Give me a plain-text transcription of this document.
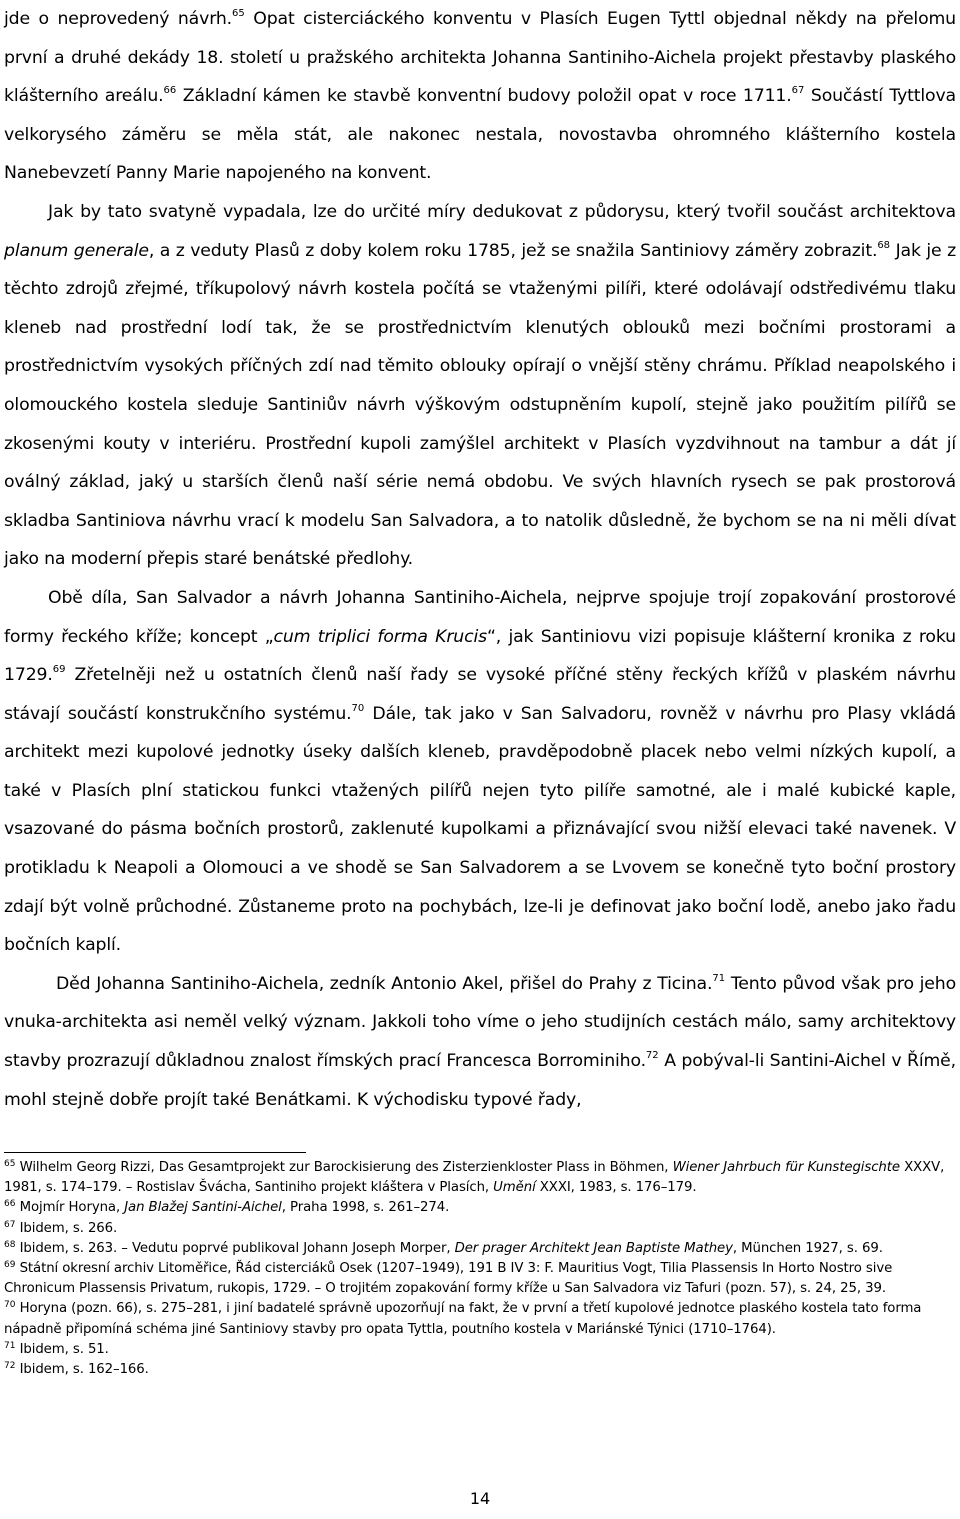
jde o neprovedený návrh.$^{65}$ Opat cisterciáckého konventu v Plasích Eugen Tyttl objednal někdy na přelomu první a druhé dekády 18. století u pražského architekta Johanna Santiniho-Aichela projekt přestavby plaského klášterního areálu.$^{66}$ Základní kámen ke stavbě konventní budovy položil opat v roce 1711.67 Součástí Tyttlova velkorysého záměru se měla stát, ale nakonec nestala, novostavba ohromného klášterního kostela Nanebevzetí Panny Marie napojeného na konvent.

Jak by tato svatyně vypadala, lze do určité míry dedukovat z půdorysu, který tvořil součást architektova planum generale, a z veduty Plasů z doby kolem roku 1785, jež se snažila Santiniovy záměry zobrazit.$^{68}$ Jak je z těchto zdrojů zřejmé, tříkupolový návrh kostela počítá se vtaženými pilíři, které odolávají odstředivému tlaku kleneb nad prostřední lodí tak, že se prostřednictvím klenutých oblouků mezi bočními prostorami a prostřednictvím vysokých příčných zdí nad těmito oblouky opírají o vnější stěny chrámu. Příklad neapolského i olomouckého kostela sleduje Santiniův návrh výškovým odstupněním kupolí, stejně jako použitím pilířů se zkosenými kouty v interiéru. Prostřední kupoli zamýšlel architekt v Plasích vyzdvihnout na tambur a dát jí oválný základ, jaký u starších členů naší série nemá obdobu. Ve svých hlavních rysech se pak prostorová skladba Santiniova návrhu vrací k modelu San Salvadora, a to natolik důsledně, že bychom se na ni měli dívat jako na moderní přepis staré benátské předlohy.

Obě díla, San Salvador a návrh Johanna Santiniho-Aichela, nejprve spojuje trojí zopakování prostorové formy řeckého kříže; koncept „cum triplici forma Krucis“, jak Santiniovu vizi popisuje klášterní kronika z roku 1729.69 Zřetelněji než u ostatních členů naší řady se vysoké příčné stěny řeckých křížů v plaském návrhu stávají součástí konstrukčního systému.$^{70}$ Dále, tak jako v San Salvadoru, rovněž v návrhu pro Plasy vkládá architekt mezi kupolové jednotky úseky dalších kleneb, pravděpodobně placek nebo velmi nízkých kupolí, a také v Plasích plní statickou funkci vtažených pilířů nejen tyto pilíře samotné, ale i malé kubické kaple, vsazované do pásma bočních prostorů, zaklenuté kupolkami a přiznávající svou nižší elevaci také navenek. V protikladu k Neapoli a Olomouci a ve shodě se San Salvadorem a se Lvovem se konečně tyto boční prostory zdají být volně průchodné. Zůstaneme proto na pochybách, lze-li je definovat jako boční lodě, anebo jako řadu bočních kaplí.

Děd Johanna Santiniho-Aichela, zedník Antonio Akel, přišel do Prahy z Ticina.$^{71}$ Tento původ však pro jeho vnuka-architekta asi neměl velký význam. Jakkoli toho víme o jeho studijních cestách málo, samy architektovy stavby prozrazují důkladnou znalost římských prací Francesca Borrominiho.$^{72}$ A pobýval-li Santini-Aichel v Římě, mohl stejně dobře projít také Benátkami. K východisku typové řady,

$^{65}$ Wilhelm Georg Rizzi, Das Gesamtprojekt zur Barockisierung des Zisterzienkloster Plass in Böhmen, Wiener Jahrbuch für Kunstegischte XXXV, 1981, s. 174–179. – Rostislav Švácha, Santiniho projekt kláštera v Plasích, Umění XXXI, 1983, s. 176–179.

$^{66}$ Mojmír Horyna, Jan Blažej Santini-Aichel, Praha 1998, s. 261–274.

$^{67}$ Ibidem, s. 266.

$^{68}$ Ibidem, s. 263. – Vedutu poprvé publikoval Johann Joseph Morper, Der prager Architekt Jean Baptiste Mathey, München 1927, s. 69.

$^{69}$ Státní okresní archiv Litoměřice, Řád cisterciáků Osek (1207–1949), 191 B IV 3: F. Mauritius Vogt, Tilia Plassensis In Horto Nostro sive Chronicum Plassensis Privatum, rukopis, 1729. – O trojitém zopakování formy kříže u San Salvadora viz Tafuri (pozn. 57), s. 24, 25, 39.

$^{70}$ Horyna (pozn. 66), s. 275–281, i jiní badatelé správně upozorňují na fakt, že v první a třetí kupolové jednotce plaského kostela tato forma nápadně připomíná schéma jiné Santiniovy stavby pro opata Tyttla, poutního kostela v Mariánské Týnici (1710–1764).

$^{71}$ Ibidem, s. 51.

$^{72}$ Ibidem, s. 162–166.

14
